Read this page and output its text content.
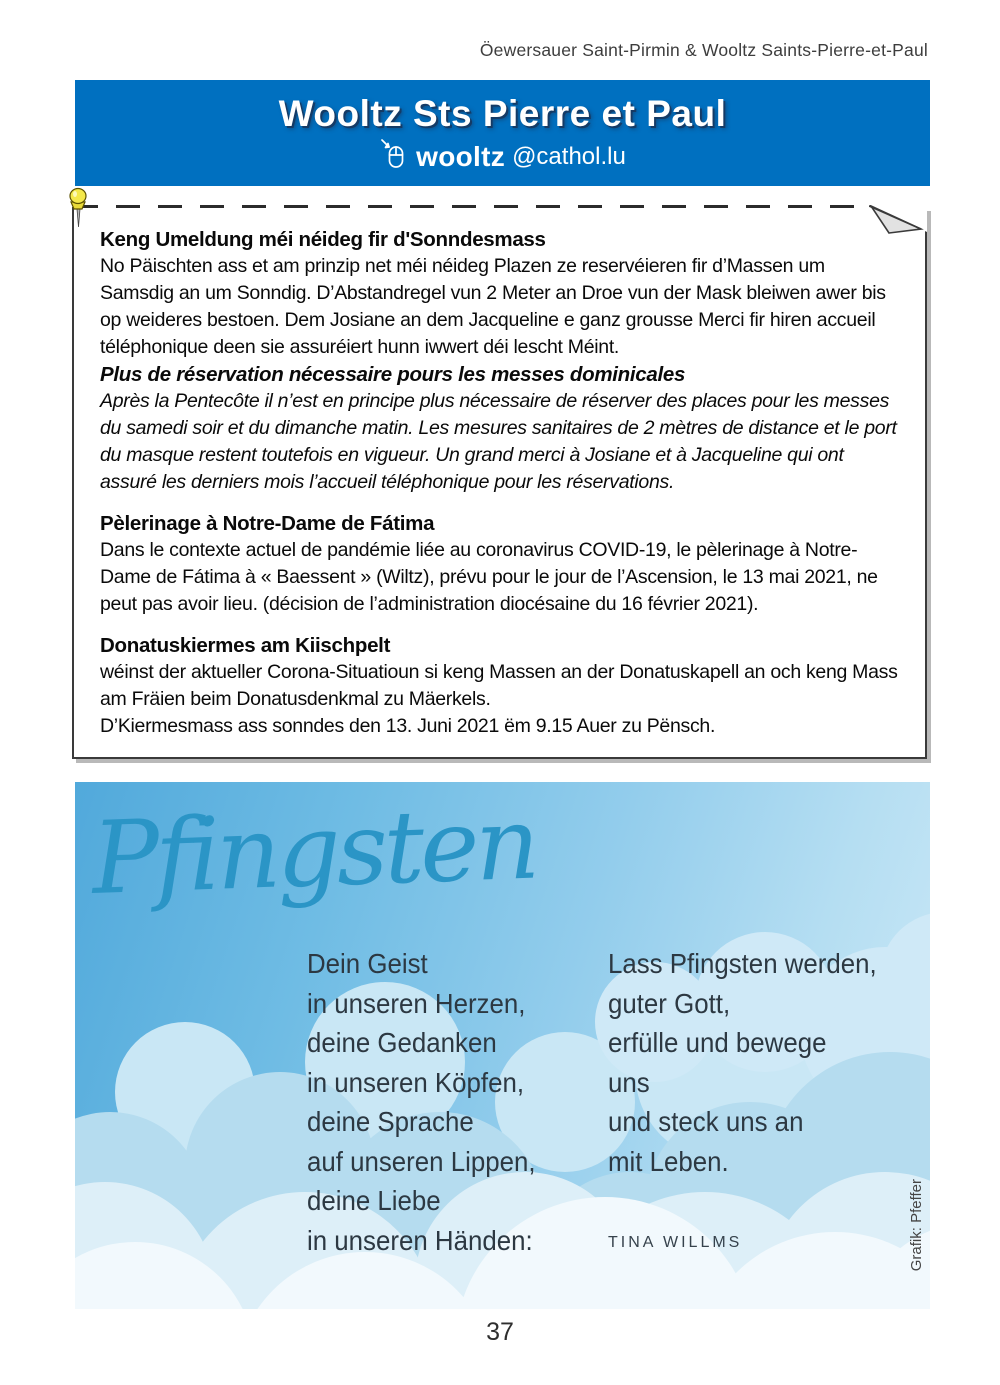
Öewersauer Saint-Pirmin & Wooltz Saints-Pierre-et-Paul
Wooltz Sts Pierre et Paul
wooltz @cathol.lu
Keng Umeldung méi néideg fir d'Sonndesmass
No Päischten ass et am prinzip net méi néideg Plazen ze reservéieren fir d’Massen um Samsdig an um Sonndig. D’Abstandregel vun 2 Meter an Droe vun der Mask bleiwen awer bis op weideres bestoen. Dem Josiane an dem Jacqueline e ganz grousse Merci fir hiren accueil téléphonique deen sie assuréiert hunn iwwert déi lescht Méint.
Plus de réservation nécessaire pours les messes dominicales
Après la Pentecôte il n’est en principe plus nécessaire de réserver des places pour les messes du samedi soir et du dimanche matin. Les mesures sanitaires de 2 mètres de distance et le port du masque restent toutefois en vigueur. Un grand merci à Josiane et à Jacqueline qui ont assuré les derniers mois l’accueil téléphonique pour les réservations.
Pèlerinage à Notre-Dame de Fátima
Dans le contexte actuel de pandémie liée au coronavirus COVID-19, le pèlerinage à Notre-Dame de Fátima à « Baessent » (Wiltz), prévu pour le jour de l’Ascension, le 13 mai 2021, ne peut pas avoir lieu. (décision de l’administration diocésaine du 16 février 2021).
Donatuskiermes am Kiischpelt
wéinst der aktueller Corona-Situatioun si keng Massen an der Donatuskapell an och keng Mass am Fräien beim Donatusdenkmal zu Mäerkels.
D’Kiermesmass ass sonndes den 13. Juni 2021 ëm 9.15 Auer zu Pënsch.
Pfingsten
Dein Geist
in unseren Herzen,
deine Gedanken
in unseren Köpfen,
deine Sprache
auf unseren Lippen,
deine Liebe
in unseren Händen:
Lass Pfingsten werden,
guter Gott,
erfülle und bewege
uns
und steck uns an
mit Leben.
TINA WILLMS	Grafik: Pfeffer
37
